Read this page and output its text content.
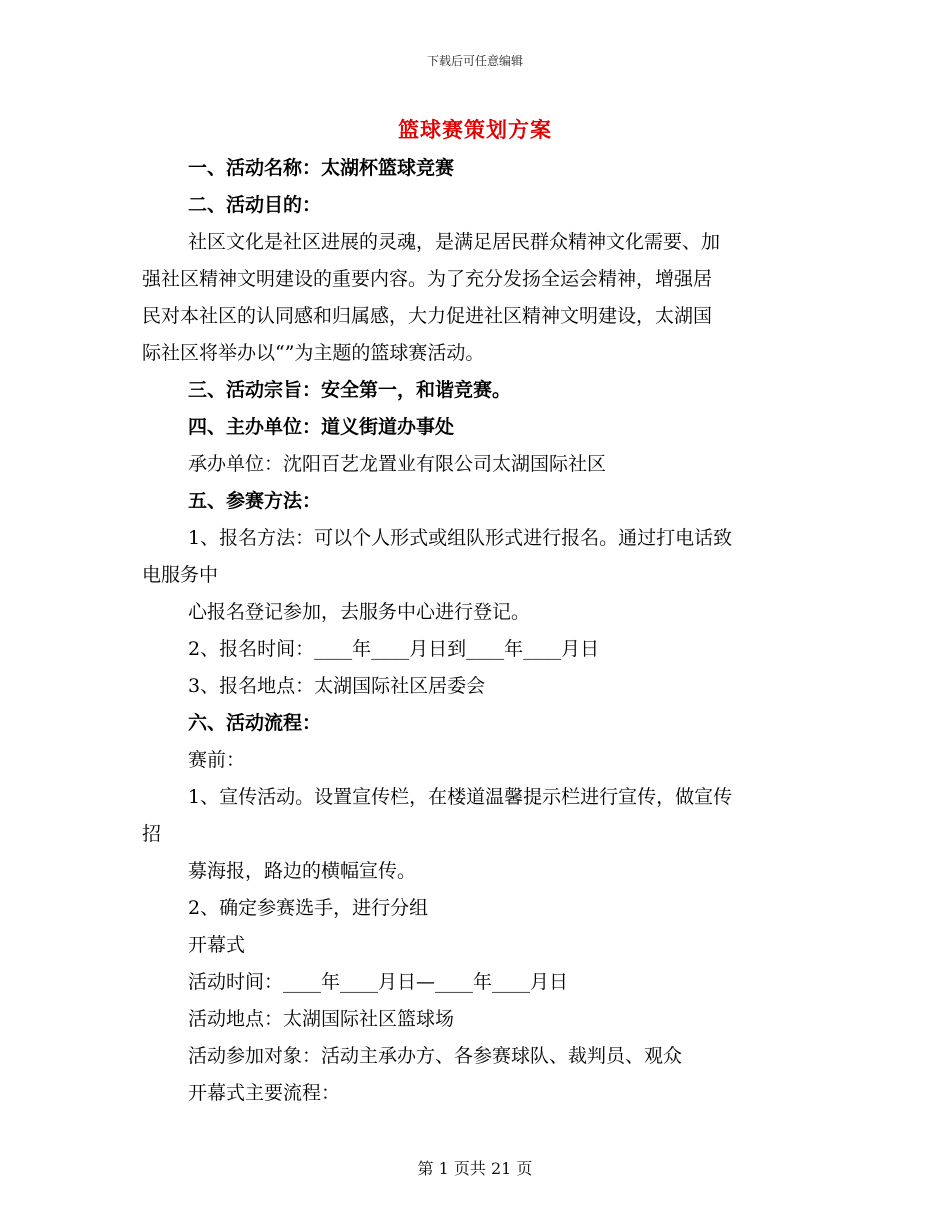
下载后可任意编辑
篮球赛策划方案
一、活动名称：太湖杯篮球竞赛
二、活动目的：
社区文化是社区进展的灵魂，是满足居民群众精神文化需要、加
强社区精神文明建设的重要内容。为了充分发扬全运会精神，增强居
民对本社区的认同感和归属感，大力促进社区精神文明建设，太湖国
际社区将举办以“”为主题的篮球赛活动。
三、活动宗旨：安全第一，和谐竞赛。
四、主办单位：道义街道办事处
承办单位：沈阳百艺龙置业有限公司太湖国际社区
五、参赛方法：
1、报名方法：可以个人形式或组队形式进行报名。通过打电话致
电服务中
心报名登记参加，去服务中心进行登记。
2、报名时间：____年____月日到____年____月日
3、报名地点：太湖国际社区居委会
六、活动流程：
赛前：
1、宣传活动。设置宣传栏，在楼道温馨提示栏进行宣传，做宣传
招
募海报，路边的横幅宣传。
2、确定参赛选手，进行分组
开幕式
活动时间：____年____月日—____年____月日
活动地点：太湖国际社区篮球场
活动参加对象：活动主承办方、各参赛球队、裁判员、观众
开幕式主要流程：
第 1 页共 21 页
